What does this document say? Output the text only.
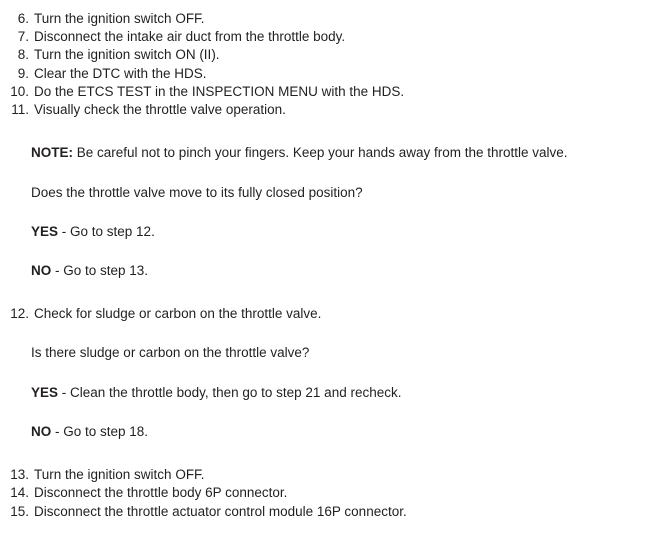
6. Turn the ignition switch OFF.
7. Disconnect the intake air duct from the throttle body.
8. Turn the ignition switch ON (II).
9. Clear the DTC with the HDS.
10. Do the ETCS TEST in the INSPECTION MENU with the HDS.
11. Visually check the throttle valve operation.
NOTE: Be careful not to pinch your fingers. Keep your hands away from the throttle valve.
Does the throttle valve move to its fully closed position?
YES - Go to step 12.
NO - Go to step 13.
12. Check for sludge or carbon on the throttle valve.
Is there sludge or carbon on the throttle valve?
YES - Clean the throttle body, then go to step 21 and recheck.
NO - Go to step 18.
13. Turn the ignition switch OFF.
14. Disconnect the throttle body 6P connector.
15. Disconnect the throttle actuator control module 16P connector.
